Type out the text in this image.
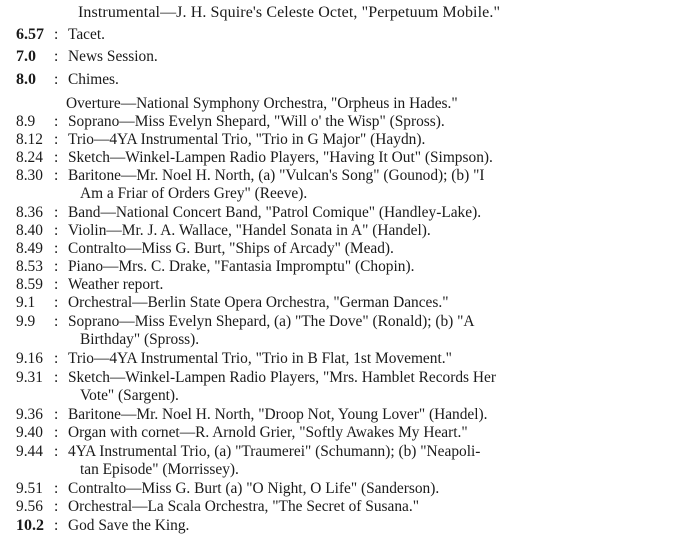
Instrumental—J. H. Squire's Celeste Octet, "Perpetuum Mobile."
6.57 : Tacet.
7.0	: News Session.
8.0	: Chimes.
Overture—National Symphony Orchestra, "Orpheus in Hades."
8.9	: Soprano—Miss Evelyn Shepard, "Will o' the Wisp" (Spross).
8.12 : Trio—4YA Instrumental Trio, "Trio in G Major" (Haydn).
8.24 : Sketch—Winkel-Lampen Radio Players, "Having It Out" (Simpson).
8.30 : Baritone—Mr. Noel H. North, (a) "Vulcan's Song" (Gounod); (b) "I
Am a Friar of Orders Grey" (Reeve).
8.36 : Band—National Concert Band, "Patrol Comique" (Handley-Lake).
8.40 : Violin—Mr. J. A. Wallace, "Handel Sonata in A" (Handel).
8.49 : Contralto—Miss G. Burt, "Ships of Arcady" (Mead).
8.53 : Piano—Mrs. C. Drake, "Fantasia Impromptu" (Chopin).
8.59 : Weather report.
9.1	: Orchestral—Berlin State Opera Orchestra, "German Dances."
9.9	: Soprano—Miss Evelyn Shepard, (a) "The Dove" (Ronald); (b) "A
Birthday" (Spross).
9.16 : Trio—4YA Instrumental Trio, "Trio in B Flat, 1st Movement."
9.31 : Sketch—Winkel-Lampen Radio Players, "Mrs. Hamblet Records Her
Vote" (Sargent).
9.36 : Baritone—Mr. Noel H. North, "Droop Not, Young Lover" (Handel).
9.40 : Organ with cornet—R. Arnold Grier, "Softly Awakes My Heart."
9.44 : 4YA Instrumental Trio, (a) "Traumerei" (Schumann); (b) "Neapoli-
tan Episode" (Morrissey).
9.51 : Contralto—Miss G. Burt (a) "O Night, O Life" (Sanderson).
9.56 : Orchestral—La Scala Orchestra, "The Secret of Susana."
10.2 : God Save the King.
